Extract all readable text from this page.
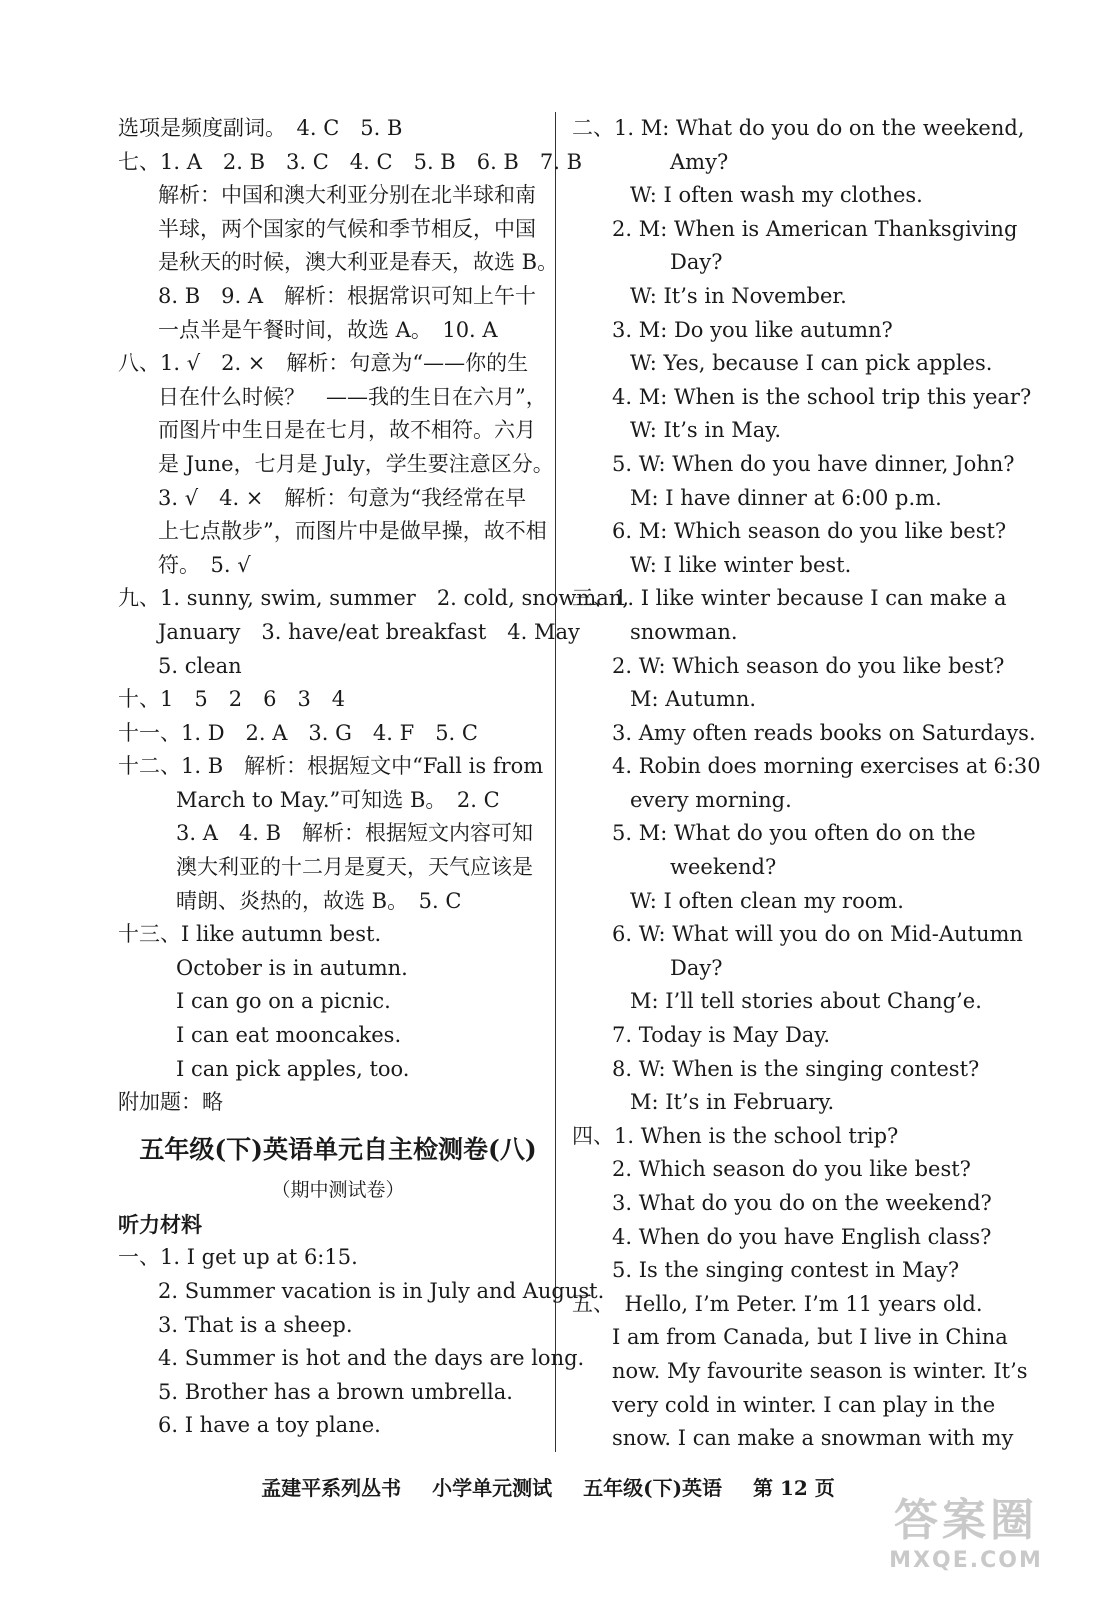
选项是频度副词。　4. C　5. B
七、1. A　2. B　3. C　4. C　5. B　6. B　7. B
解析：中国和澳大利亚分别在北半球和南
半球，两个国家的气候和季节相反，中国
是秋天的时候，澳大利亚是春天，故选 B。
8. B　9. A　解析：根据常识可知上午十
一点半是午餐时间，故选 A。　10. A
八、1. √　2. ×　解析：句意为“——你的生
日在什么时候？　——我的生日在六月”，
而图片中生日是在七月，故不相符。六月
是 June，七月是 July，学生要注意区分。
3. √　4. ×　解析：句意为“我经常在早
上七点散步”，而图片中是做早操，故不相
符。　5. √
九、1. sunny, swim, summer　2. cold, snowman,
January　3. have/eat breakfast　4. May
5. clean
十、1　5　2　6　3　4
十一、1. D　2. A　3. G　4. F　5. C
十二、1. B　解析：根据短文中“Fall is from
March to May.”可知选 B。　2. C
3. A　4. B　解析：根据短文内容可知
澳大利亚的十二月是夏天，天气应该是
晴朗、炎热的，故选 B。　5. C
十三、I like autumn best.
October is in autumn.
I can go on a picnic.
I can eat mooncakes.
I can pick apples, too.
附加题：略
五年级(下)英语单元自主检测卷(八)
（期中测试卷）
听力材料
一、1. I get up at 6:15.
2. Summer vacation is in July and August.
3. That is a sheep.
4. Summer is hot and the days are long.
5. Brother has a brown umbrella.
6. I have a toy plane.
二、1. M: What do you do on the weekend,
Amy?
W: I often wash my clothes.
2. M: When is American Thanksgiving
Day?
W: It’s in November.
3. M: Do you like autumn?
W: Yes, because I can pick apples.
4. M: When is the school trip this year?
W: It’s in May.
5. W: When do you have dinner, John?
M: I have dinner at 6:00 p.m.
6. M: Which season do you like best?
W: I like winter best.
三、1. I like winter because I can make a
snowman.
2. W: Which season do you like best?
M: Autumn.
3. Amy often reads books on Saturdays.
4. Robin does morning exercises at 6:30
every morning.
5. M: What do you often do on the
weekend?
W: I often clean my room.
6. W: What will you do on Mid-Autumn
Day?
M: I’ll tell stories about Chang’e.
7. Today is May Day.
8. W: When is the singing contest?
M: It’s in February.
四、1. When is the school trip?
2. Which season do you like best?
3. What do you do on the weekend?
4. When do you have English class?
5. Is the singing contest in May?
五、　Hello, I’m Peter. I’m 11 years old.
I am from Canada, but I live in China
now. My favourite season is winter. It’s
very cold in winter. I can play in the
snow. I can make a snowman with my
孟建平系列丛书 小学单元测试 五年级(下)英语 第 12 页
答案圈
MXQE.COM
